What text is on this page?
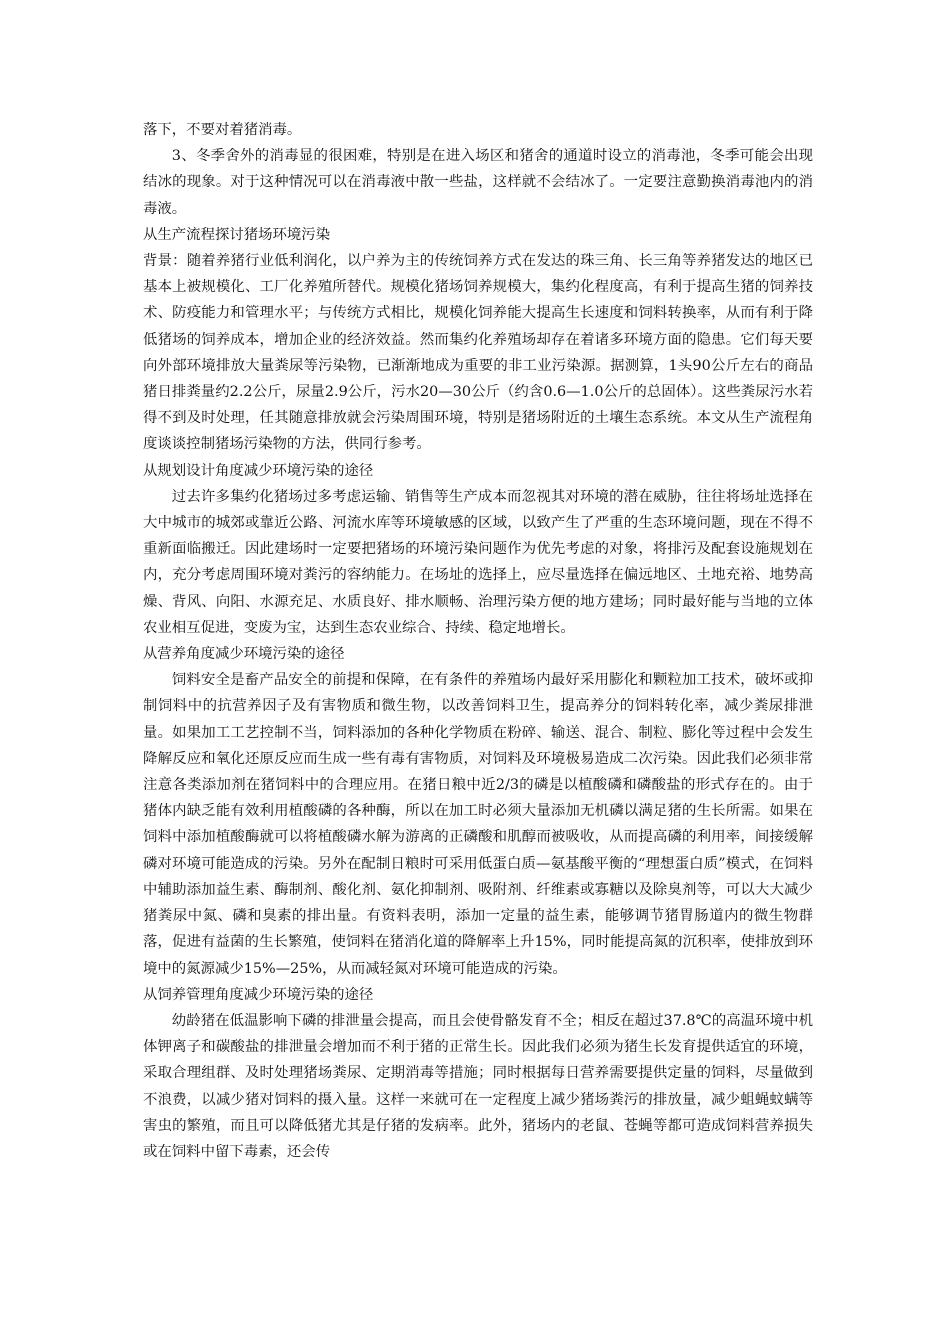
落下，不要对着猪消毒。

3、冬季舍外的消毒显的很困难，特别是在进入场区和猪舍的通道时设立的消毒池，冬季可能会出现结冰的现象。对于这种情况可以在消毒液中散一些盐，这样就不会结冰了。一定要注意勤换消毒池内的消毒液。

从生产流程探讨猪场环境污染

背景：随着养猪行业低利润化，以户养为主的传统饲养方式在发达的珠三角、长三角等养猪发达的地区已基本上被规模化、工厂化养殖所替代。规模化猪场饲养规模大，集约化程度高，有利于提高生猪的饲养技术、防疫能力和管理水平；与传统方式相比，规模化饲养能大提高生长速度和饲料转换率，从而有利于降低猪场的饲养成本，增加企业的经济效益。然而集约化养殖场却存在着诸多环境方面的隐患。它们每天要向外部环境排放大量粪尿等污染物，已渐渐地成为重要的非工业污染源。据测算，1头90公斤左右的商品猪日排粪量约2.2公斤，尿量2.9公斤，污水20—30公斤（约含0.6—1.0公斤的总固体）。这些粪尿污水若得不到及时处理，任其随意排放就会污染周围环境，特别是猪场附近的土壤生态系统。本文从生产流程角度谈谈控制猪场污染物的方法，供同行参考。

从规划设计角度减少环境污染的途径

过去许多集约化猪场过多考虑运输、销售等生产成本而忽视其对环境的潜在威胁，往往将场址选择在大中城市的城郊或靠近公路、河流水库等环境敏感的区域，以致产生了严重的生态环境问题，现在不得不重新面临搬迁。因此建场时一定要把猪场的环境污染问题作为优先考虑的对象，将排污及配套设施规划在内，充分考虑周围环境对粪污的容纳能力。在场址的选择上，应尽量选择在偏远地区、土地充裕、地势高燥、背风、向阳、水源充足、水质良好、排水顺畅、治理污染方便的地方建场；同时最好能与当地的立体农业相互促进，变废为宝，达到生态农业综合、持续、稳定地增长。

从营养角度减少环境污染的途径

饲料安全是畜产品安全的前提和保障，在有条件的养殖场内最好采用膨化和颗粒加工技术，破坏或抑制饲料中的抗营养因子及有害物质和微生物，以改善饲料卫生，提高养分的饲料转化率，减少粪尿排泄量。如果加工工艺控制不当，饲料添加的各种化学物质在粉碎、输送、混合、制粒、膨化等过程中会发生降解反应和氧化还原反应而生成一些有毒有害物质，对饲料及环境极易造成二次污染。因此我们必须非常注意各类添加剂在猪饲料中的合理应用。在猪日粮中近2/3的磷是以植酸磷和磷酸盐的形式存在的。由于猪体内缺乏能有效利用植酸磷的各种酶，所以在加工时必须大量添加无机磷以满足猪的生长所需。如果在饲料中添加植酸酶就可以将植酸磷水解为游离的正磷酸和肌醇而被吸收，从而提高磷的利用率，间接缓解磷对环境可能造成的污染。另外在配制日粮时可采用低蛋白质—氨基酸平衡的“理想蛋白质”模式，在饲料中辅助添加益生素、酶制剂、酸化剂、氨化抑制剂、吸附剂、纤维素或寡糖以及除臭剂等，可以大大减少猪粪尿中氮、磷和臭素的排出量。有资料表明，添加一定量的益生素，能够调节猪胃肠道内的微生物群落，促进有益菌的生长繁殖，使饲料在猪消化道的降解率上升15%，同时能提高氮的沉积率，使排放到环境中的氮源减少15%—25%，从而减轻氮对环境可能造成的污染。

从饲养管理角度减少环境污染的途径

幼龄猪在低温影响下磷的排泄量会提高，而且会使骨骼发育不全；相反在超过37.8℃的高温环境中机体钾离子和碳酸盐的排泄量会增加而不利于猪的正常生长。因此我们必须为猪生长发育提供适宜的环境，采取合理组群、及时处理猪场粪尿、定期消毒等措施；同时根据每日营养需要提供定量的饲料，尽量做到不浪费，以减少猪对饲料的摄入量。这样一来就可在一定程度上减少猪场粪污的排放量，减少蛆蝇蚊螨等害虫的繁殖，而且可以降低猪尤其是仔猪的发病率。此外，猪场内的老鼠、苍蝇等都可造成饲料营养损失或在饲料中留下毒素，还会传
